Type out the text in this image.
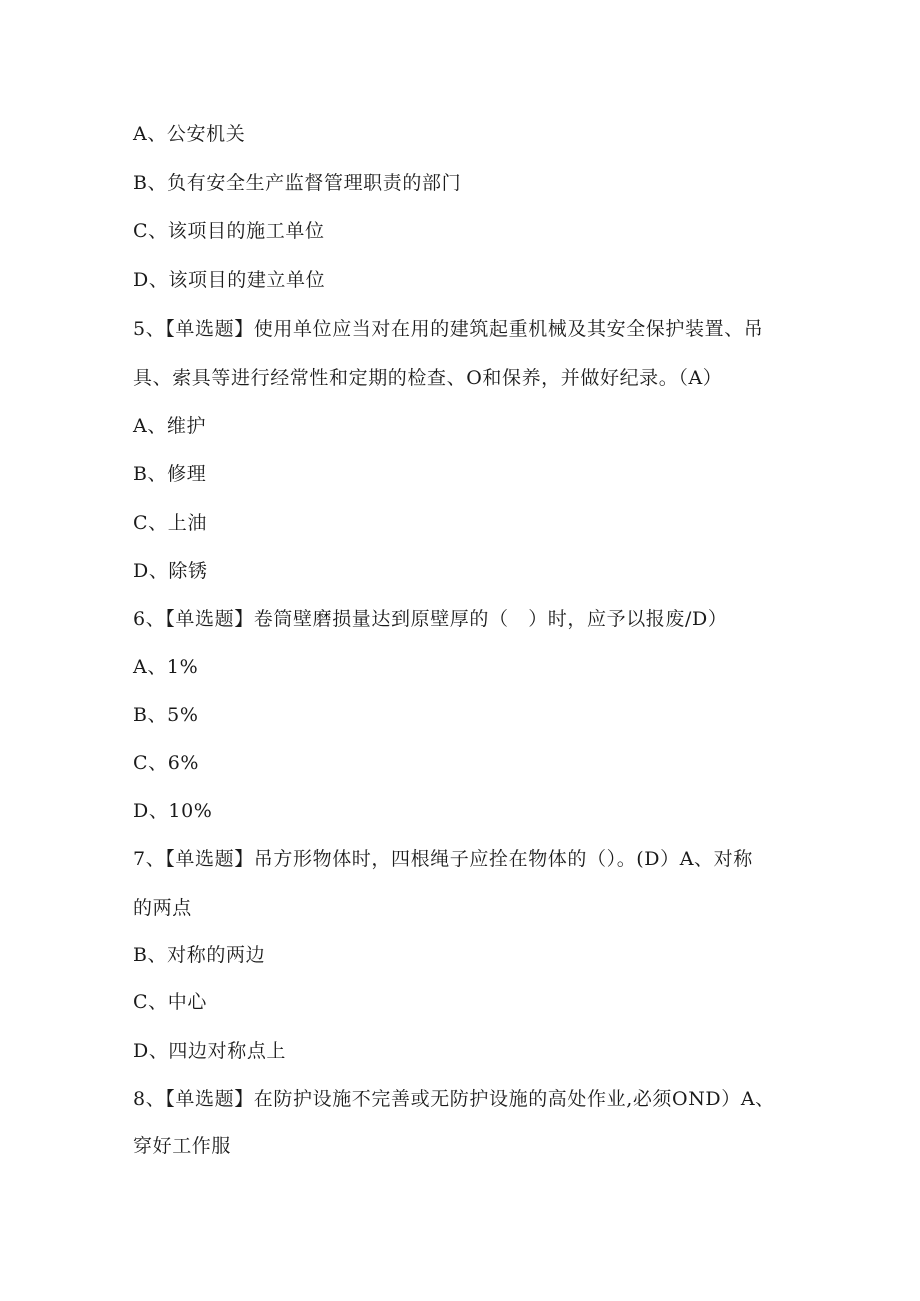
A、公安机关

B、负有安全生产监督管理职责的部门

C、该项目的施工单位

D、该项目的建立单位

5、【单选题】使用单位应当对在用的建筑起重机械及其安全保护装置、吊

具、索具等进行经常性和定期的检查、O和保养，并做好纪录。（A）

A、维护

B、修理

C、上油

D、除锈

6、【单选题】卷筒壁磨损量达到原壁厚的（　）时，应予以报废/D）

A、1%

B、5%

C、6%

D、10%

7、【单选题】吊方形物体时，四根绳子应拴在物体的（）。(D）A、对称

的两点

B、对称的两边

C、中心

D、四边对称点上

8、【单选题】在防护设施不完善或无防护设施的高处作业,必须OND）A、

穿好工作服
